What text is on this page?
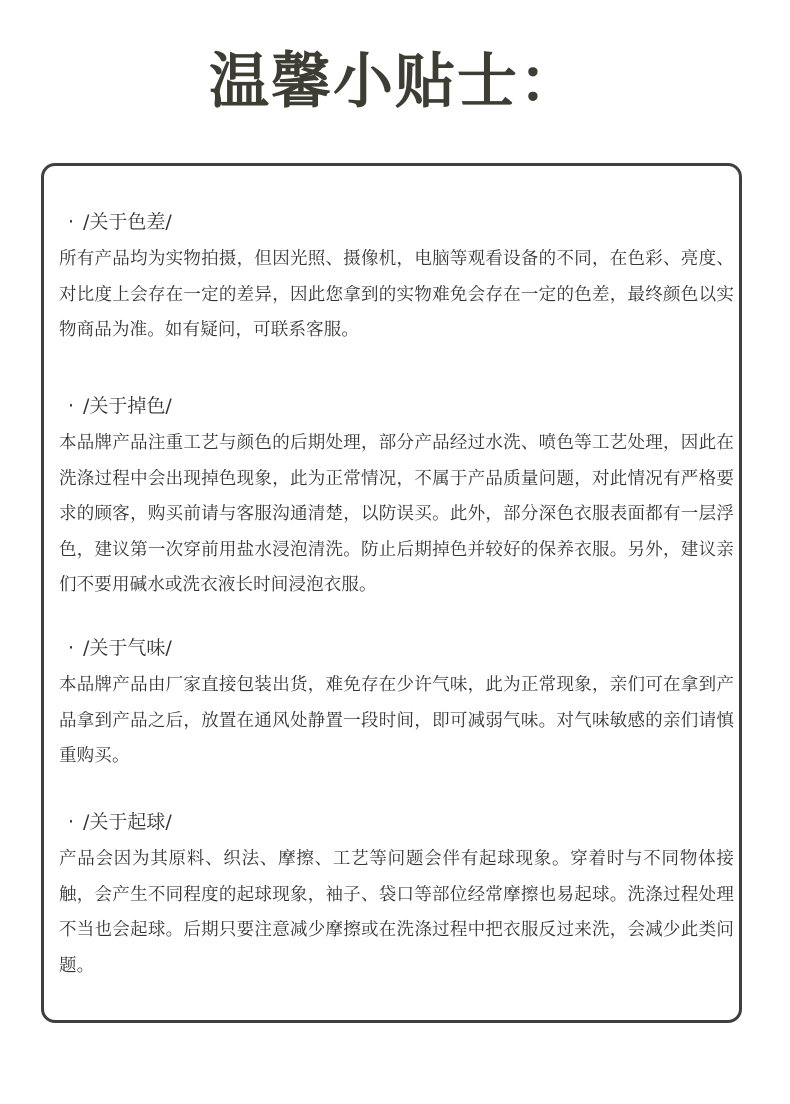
温馨小贴士：
· /关于色差/

所有产品均为实物拍摄，但因光照、摄像机，电脑等观看设备的不同，在色彩、亮度、对比度上会存在一定的差异，因此您拿到的实物难免会存在一定的色差，最终颜色以实物商品为准。如有疑问，可联系客服。

· /关于掉色/

本品牌产品注重工艺与颜色的后期处理，部分产品经过水洗、喷色等工艺处理，因此在洗涤过程中会出现掉色现象，此为正常情况，不属于产品质量问题，对此情况有严格要求的顾客，购买前请与客服沟通清楚，以防误买。此外，部分深色衣服表面都有一层浮色，建议第一次穿前用盐水浸泡清洗。防止后期掉色并较好的保养衣服。另外，建议亲们不要用碱水或洗衣液长时间浸泡衣服。

· /关于气味/

本品牌产品由厂家直接包装出货，难免存在少许气味，此为正常现象，亲们可在拿到产品拿到产品之后，放置在通风处静置一段时间，即可减弱气味。对气味敏感的亲们请慎重购买。

· /关于起球/

产品会因为其原料、织法、摩擦、工艺等问题会伴有起球现象。穿着时与不同物体接触，会产生不同程度的起球现象，袖子、袋口等部位经常摩擦也易起球。洗涤过程处理不当也会起球。后期只要注意减少摩擦或在洗涤过程中把衣服反过来洗，会减少此类问题。
